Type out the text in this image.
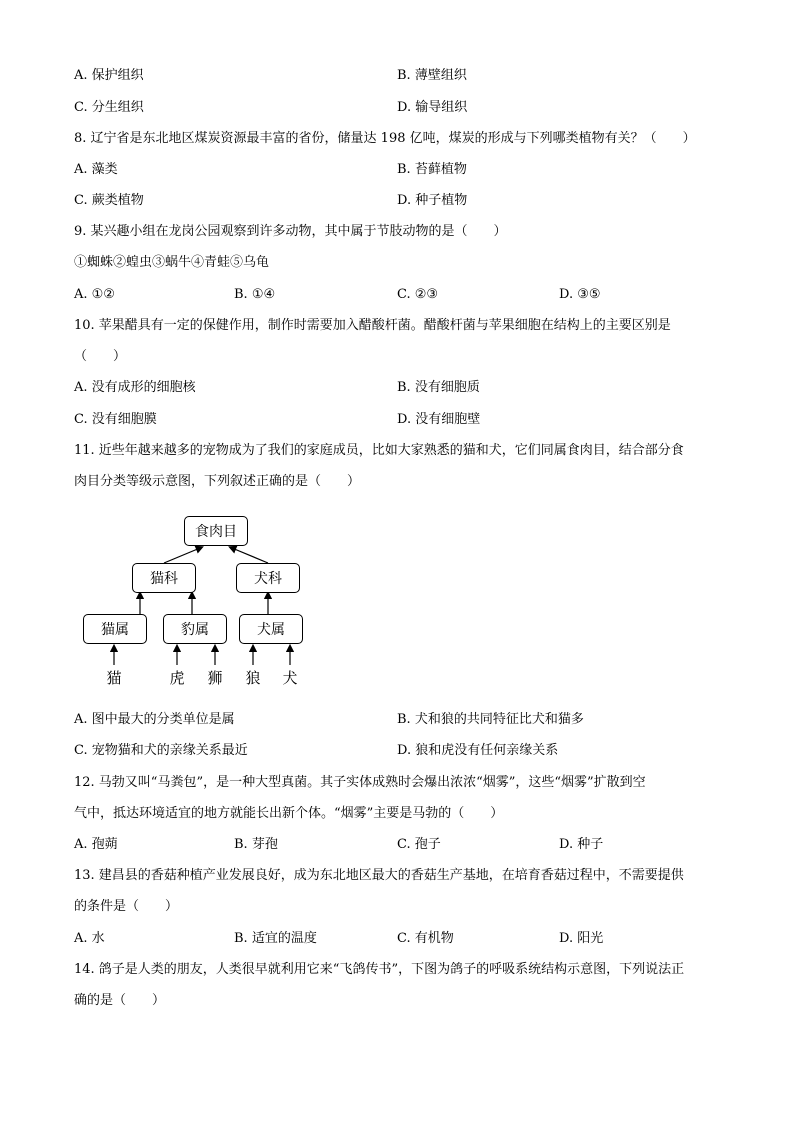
A. 保护组织	B. 薄壁组织
C. 分生组织	D. 输导组织
8. 辽宁省是东北地区煤炭资源最丰富的省份，储量达 198 亿吨，煤炭的形成与下列哪类植物有关？（　　）
A. 藻类	B. 苔藓植物
C. 蕨类植物	D. 种子植物
9. 某兴趣小组在龙岗公园观察到许多动物，其中属于节肢动物的是（　　）
①蜘蛛②蝗虫③蜗牛④青蛙⑤乌龟
A. ①②	B. ①④	C. ②③	D. ③⑤
10. 苹果醋具有一定的保健作用，制作时需要加入醋酸杆菌。醋酸杆菌与苹果细胞在结构上的主要区别是
（　　）
A. 没有成形的细胞核	B. 没有细胞质
C. 没有细胞膜	D. 没有细胞壁
11. 近些年越来越多的宠物成为了我们的家庭成员，比如大家熟悉的猫和犬，它们同属食肉目，结合部分食
肉目分类等级示意图，下列叙述正确的是（　　）
食肉目
猫科	犬科
猫属	豹属	犬属
猫	虎	狮	狼	犬
A. 图中最大的分类单位是属	B. 犬和狼的共同特征比犬和猫多
C. 宠物猫和犬的亲缘关系最近	D. 狼和虎没有任何亲缘关系
12. 马勃又叫“马粪包”，是一种大型真菌。其子实体成熟时会爆出浓浓“烟雾”，这些“烟雾”扩散到空
气中，抵达环境适宜的地方就能长出新个体。“烟雾”主要是马勃的（　　）
A. 孢蒴	B. 芽孢	C. 孢子	D. 种子
13. 建昌县的香菇种植产业发展良好，成为东北地区最大的香菇生产基地，在培育香菇过程中，不需要提供
的条件是（　　）
A. 水	B. 适宜的温度	C. 有机物	D. 阳光
14. 鸽子是人类的朋友，人类很早就利用它来“飞鸽传书”，下图为鸽子的呼吸系统结构示意图，下列说法正
确的是（　　）
